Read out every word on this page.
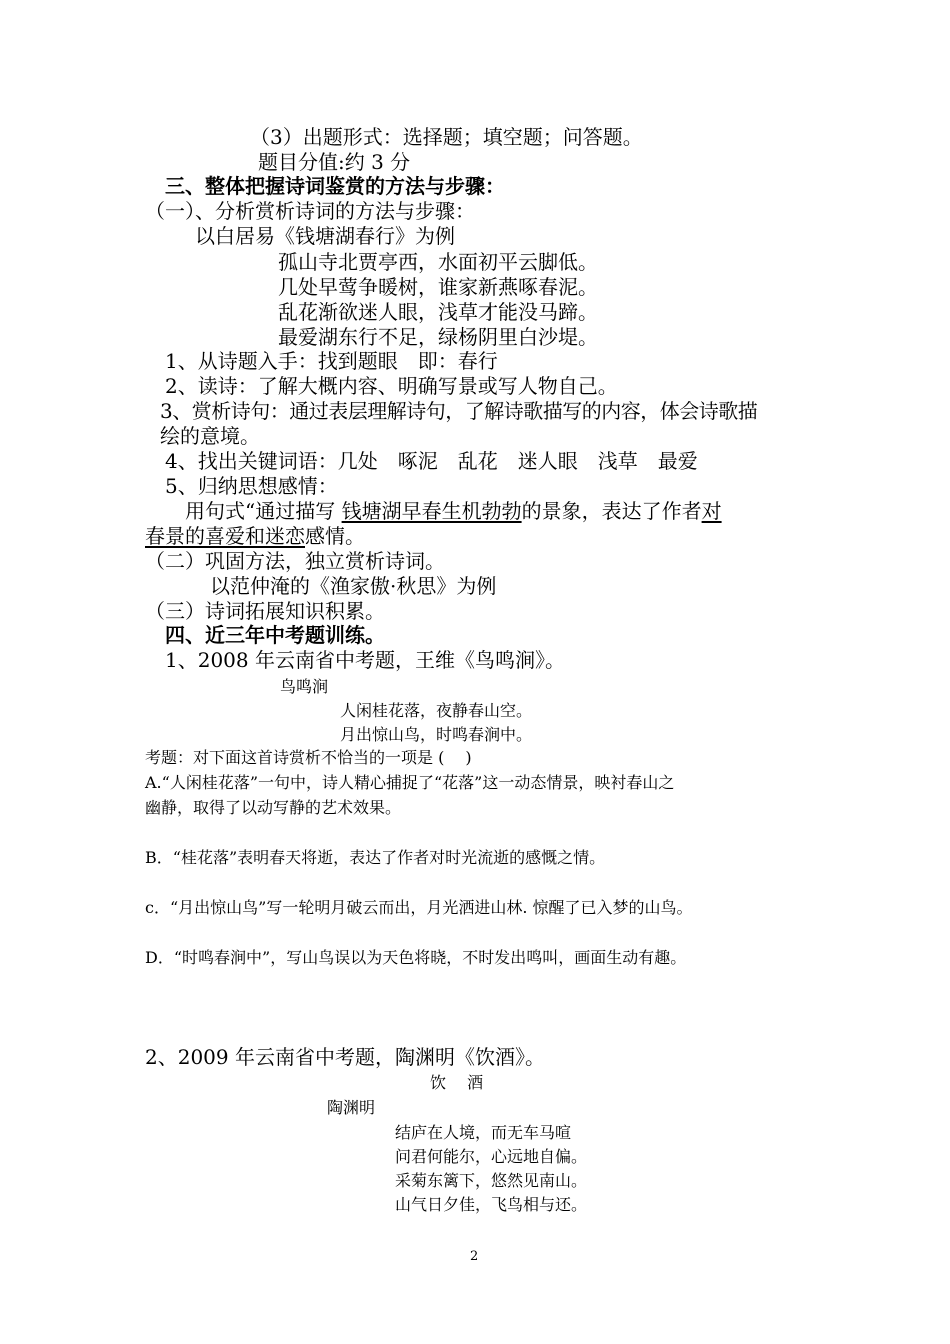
（3）出题形式：选择题；填空题；问答题。
题目分值:约 3 分
三、整体把握诗词鉴赏的方法与步骤：
（一）、分析赏析诗词的方法与步骤：
以白居易《钱塘湖春行》为例
孤山寺北贾亭西，水面初平云脚低。
几处早莺争暖树，谁家新燕啄春泥。
乱花渐欲迷人眼，浅草才能没马蹄。
最爱湖东行不足，绿杨阴里白沙堤。
1、从诗题入手：找到题眼　即：春行
2、读诗：了解大概内容、明确写景或写人物自己。
3、赏析诗句：通过表层理解诗句，了解诗歌描写的内容，体会诗歌描
绘的意境。
4、找出关键词语：几处　啄泥　乱花　迷人眼　浅草　最爱
5、归纳思想感情：
用句式“通过描写 钱塘湖早春生机勃勃的景象，表达了作者对
春景的喜爱和迷恋感情。
（二）巩固方法，独立赏析诗词。
以范仲淹的《渔家傲·秋思》为例
（三）诗词拓展知识积累。
四、近三年中考题训练。
1、2008 年云南省中考题，王维《鸟鸣涧》。
鸟鸣涧
人闲桂花落，夜静春山空。
月出惊山鸟，时鸣春涧中。
考题：对下面这首诗赏析不恰当的一项是 (　 )
A.“人闲桂花落”一句中，诗人精心捕捉了“花落”这一动态情景，映衬春山之
幽静，取得了以动写静的艺术效果。
B．“桂花落”表明春天将逝，表达了作者对时光流逝的感慨之情。
c．“月出惊山鸟”写一轮明月破云而出，月光洒进山林. 惊醒了已入梦的山鸟。
D．“时鸣春涧中”，写山鸟误以为天色将晓，不时发出鸣叫，画面生动有趣。
2、2009 年云南省中考题，陶渊明《饮酒》。
饮　 酒
陶渊明
结庐在人境，而无车马喧
问君何能尔，心远地自偏。
采菊东篱下，悠然见南山。
山气日夕佳，飞鸟相与还。
2
